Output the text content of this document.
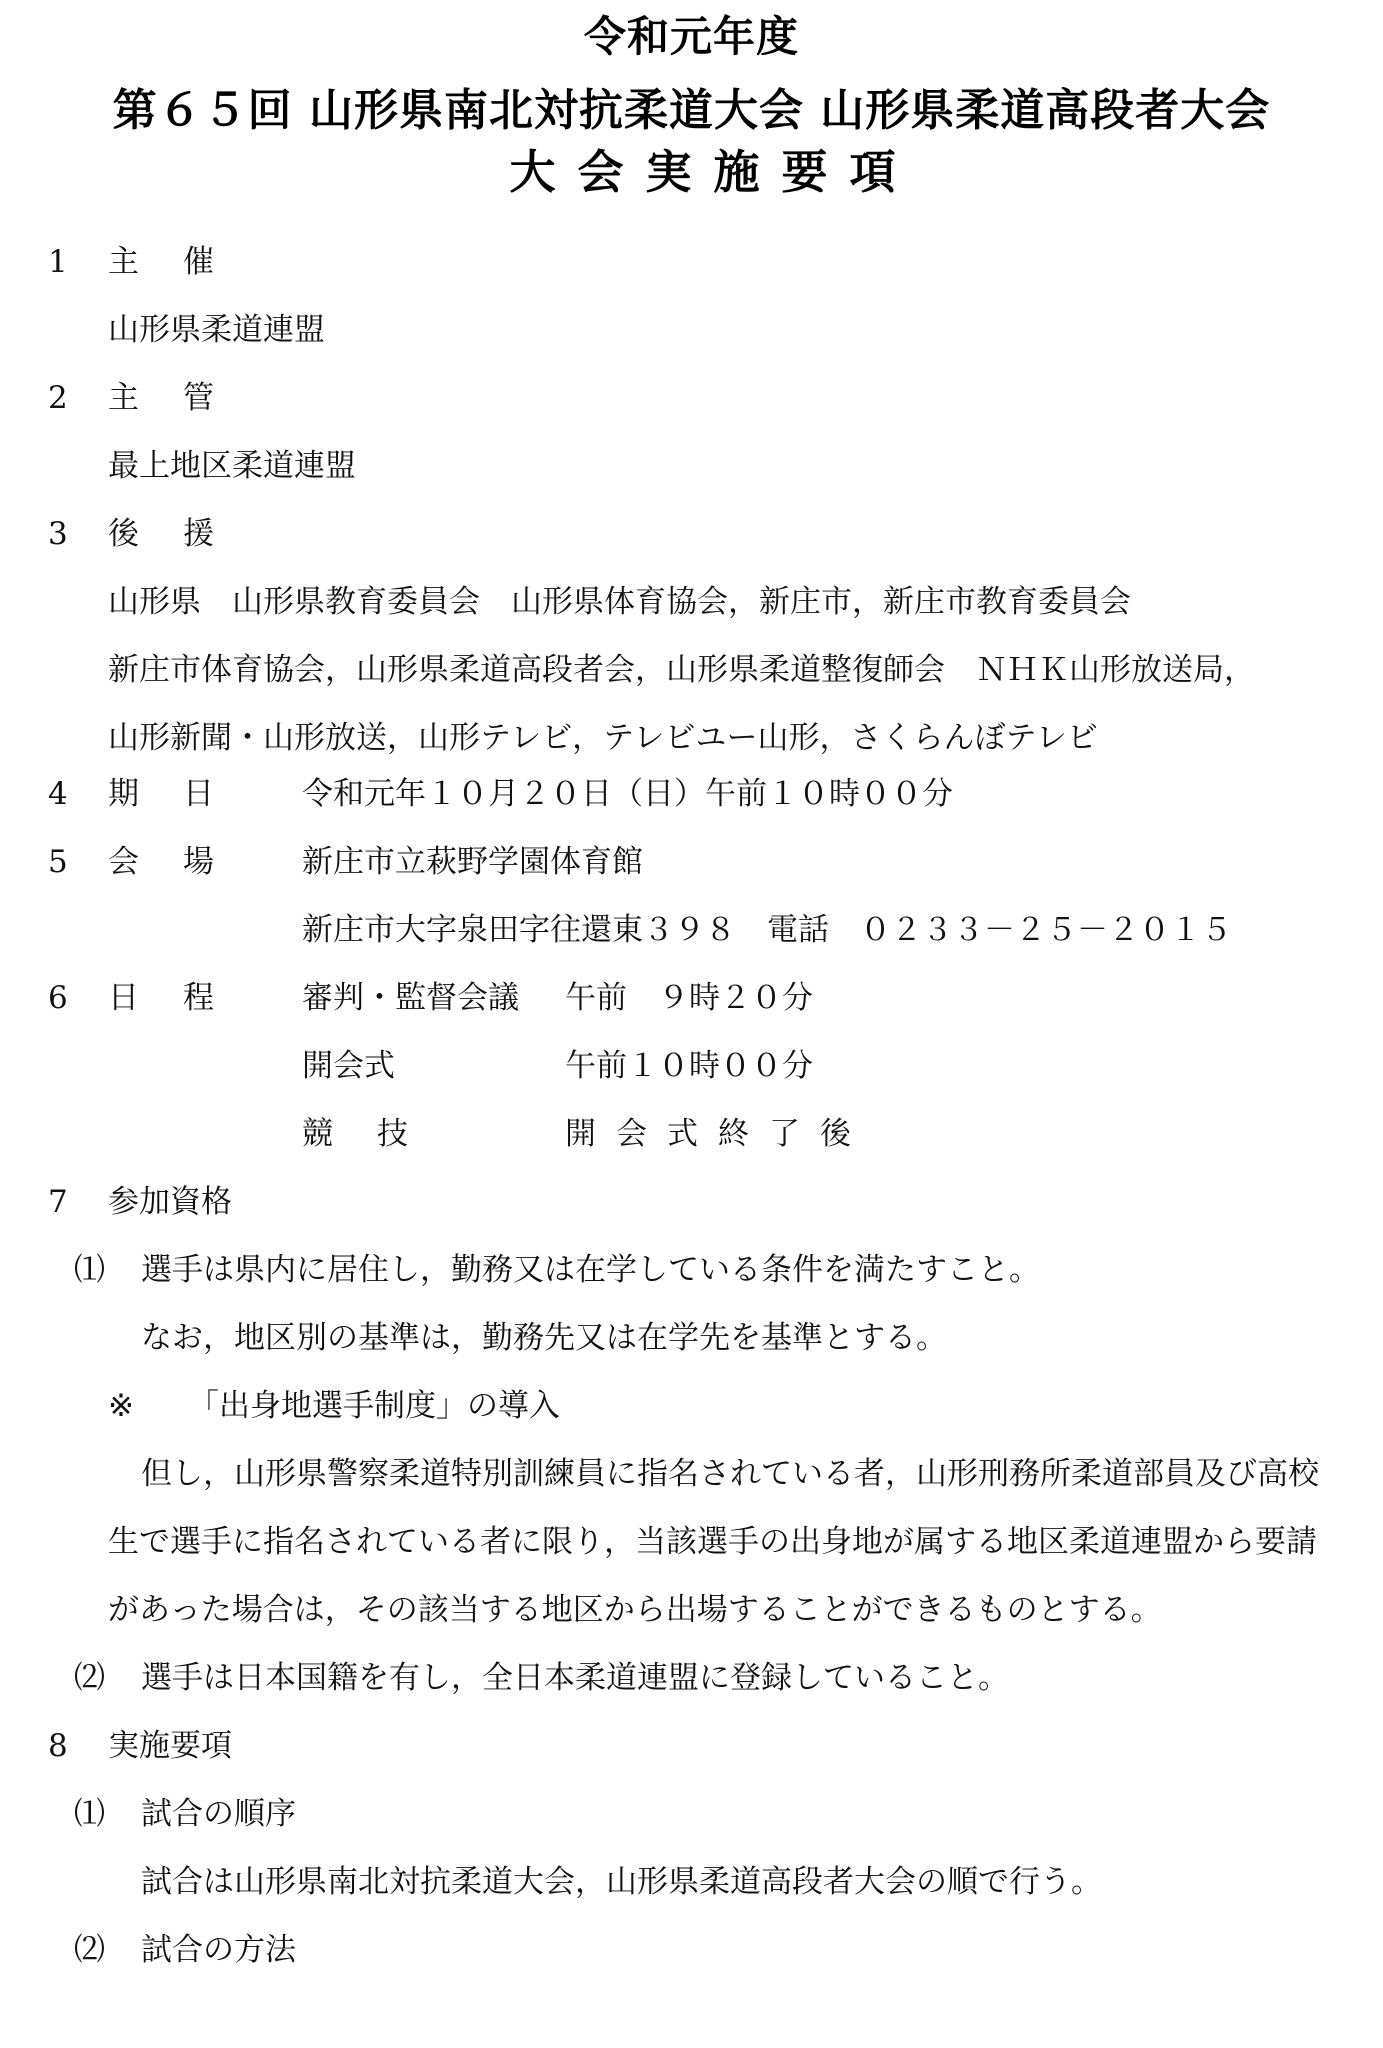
令和元年度
第６５回 山形県南北対抗柔道大会 山形県柔道高段者大会
大会実施要項
1 主催
山形県柔道連盟
2 主管
最上地区柔道連盟
3 後援
山形県　山形県教育委員会　山形県体育協会，新庄市，新庄市教育委員会
新庄市体育協会，山形県柔道高段者会，山形県柔道整復師会　ＮＨＫ山形放送局，
山形新聞・山形放送，山形テレビ，テレビユー山形，さくらんぼテレビ
4 期日 令和元年１０月２０日（日）午前１０時００分
5 会場 新庄市立萩野学園体育館
新庄市大字泉田字往還東３９８　電話　０２３３－２５－２０１５
6 日程 審判・監督会議 午前　９時２０分
開会式	午前１０時００分
競技	開会式終了後
7 参加資格
⑴ 選手は県内に居住し，勤務又は在学している条件を満たすこと。
なお，地区別の基準は，勤務先又は在学先を基準とする。
※ 「出身地選手制度」の導入
但し，山形県警察柔道特別訓練員に指名されている者，山形刑務所柔道部員及び高校
生で選手に指名されている者に限り，当該選手の出身地が属する地区柔道連盟から要請
があった場合は，その該当する地区から出場することができるものとする。
⑵ 選手は日本国籍を有し，全日本柔道連盟に登録していること。
8 実施要項
⑴ 試合の順序
試合は山形県南北対抗柔道大会，山形県柔道高段者大会の順で行う。
⑵ 試合の方法
